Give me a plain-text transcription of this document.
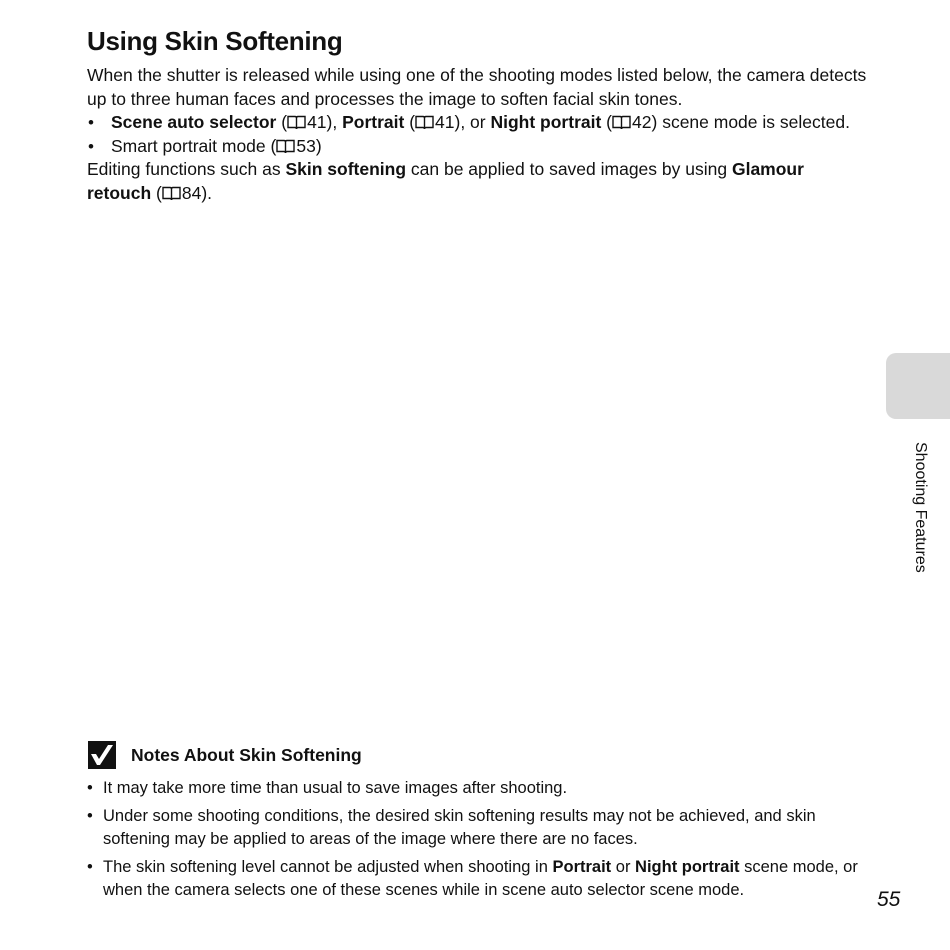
Using Skin Softening

When the shutter is released while using one of the shooting modes listed below, the camera detects up to three human faces and processes the image to soften facial skin tones.

• Scene auto selector ( 41), Portrait ( 41), or Night portrait ( 42) scene mode is selected.
• Smart portrait mode ( 53)

Editing functions such as Skin softening can be applied to saved images by using Glamour retouch ( 84).

Shooting Features
Notes About Skin Softening
• It may take more time than usual to save images after shooting.
• Under some shooting conditions, the desired skin softening results may not be achieved, and skin softening may be applied to areas of the image where there are no faces.
• The skin softening level cannot be adjusted when shooting in Portrait or Night portrait scene mode, or when the camera selects one of these scenes while in scene auto selector scene mode.	55
